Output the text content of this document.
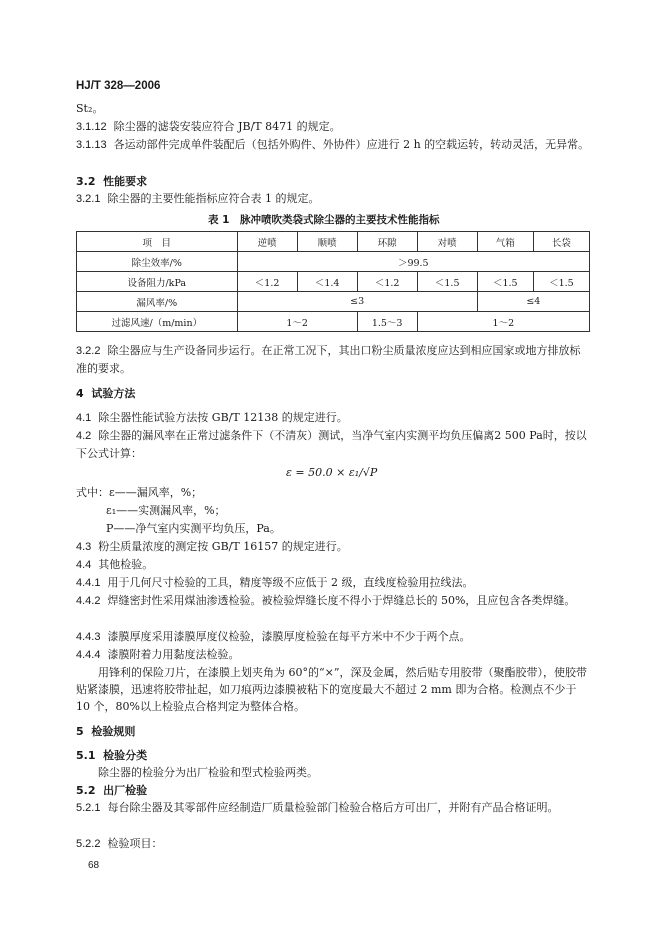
HJ/T 328—2006
St₂。
3.1.12 除尘器的滤袋安装应符合 JB/T 8471 的规定。
3.1.13 各运动部件完成单件装配后（包括外购件、外协件）应进行 2 h 的空载运转，转动灵活，无异常。
3.2 性能要求
3.2.1 除尘器的主要性能指标应符合表 1 的规定。
表 1　脉冲喷吹类袋式除尘器的主要技术性能指标
项　目	逆喷	顺喷	环隙	对喷	气箱	长袋
除尘效率/%	＞99.5					
设备阻力/kPa	＜1.2	＜1.4	＜1.2	＜1.5	＜1.5	＜1.5
漏风率/%	≤3				≤4	
过滤风速/（m/min）	1～2		1.5～3	1～2		
3.2.2 除尘器应与生产设备同步运行。在正常工况下，其出口粉尘质量浓度应达到相应国家或地方排放标准的要求。
4 试验方法
4.1 除尘器性能试验方法按 GB/T 12138 的规定进行。
4.2 除尘器的漏风率在正常过滤条件下（不清灰）测试，当净气室内实测平均负压偏离2 500 Pa时，按以下公式计算：
ε = 50.0 × ε₁/√P
式中：ε——漏风率，%；
ε₁——实测漏风率，%；
P——净气室内实测平均负压，Pa。
4.3 粉尘质量浓度的测定按 GB/T 16157 的规定进行。
4.4 其他检验。
4.4.1 用于几何尺寸检验的工具，精度等级不应低于 2 级，直线度检验用拉线法。
4.4.2 焊缝密封性采用煤油渗透检验。被检验焊缝长度不得小于焊缝总长的 50%，且应包含各类焊缝。
4.4.3 漆膜厚度采用漆膜厚度仪检验，漆膜厚度检验在每平方米中不少于两个点。
4.4.4 漆膜附着力用黏度法检验。
用锋利的保险刀片，在漆膜上划夹角为 60°的“×”，深及金属，然后贴专用胶带（聚酯胶带），使胶带贴紧漆膜，迅速将胶带扯起，如刀痕两边漆膜被粘下的宽度最大不超过 2 mm 即为合格。检测点不少于 10 个，80%以上检验点合格判定为整体合格。
5 检验规则
5.1 检验分类
除尘器的检验分为出厂检验和型式检验两类。
5.2 出厂检验
5.2.1 每台除尘器及其零部件应经制造厂质量检验部门检验合格后方可出厂，并附有产品合格证明。
5.2.2 检验项目：
68
